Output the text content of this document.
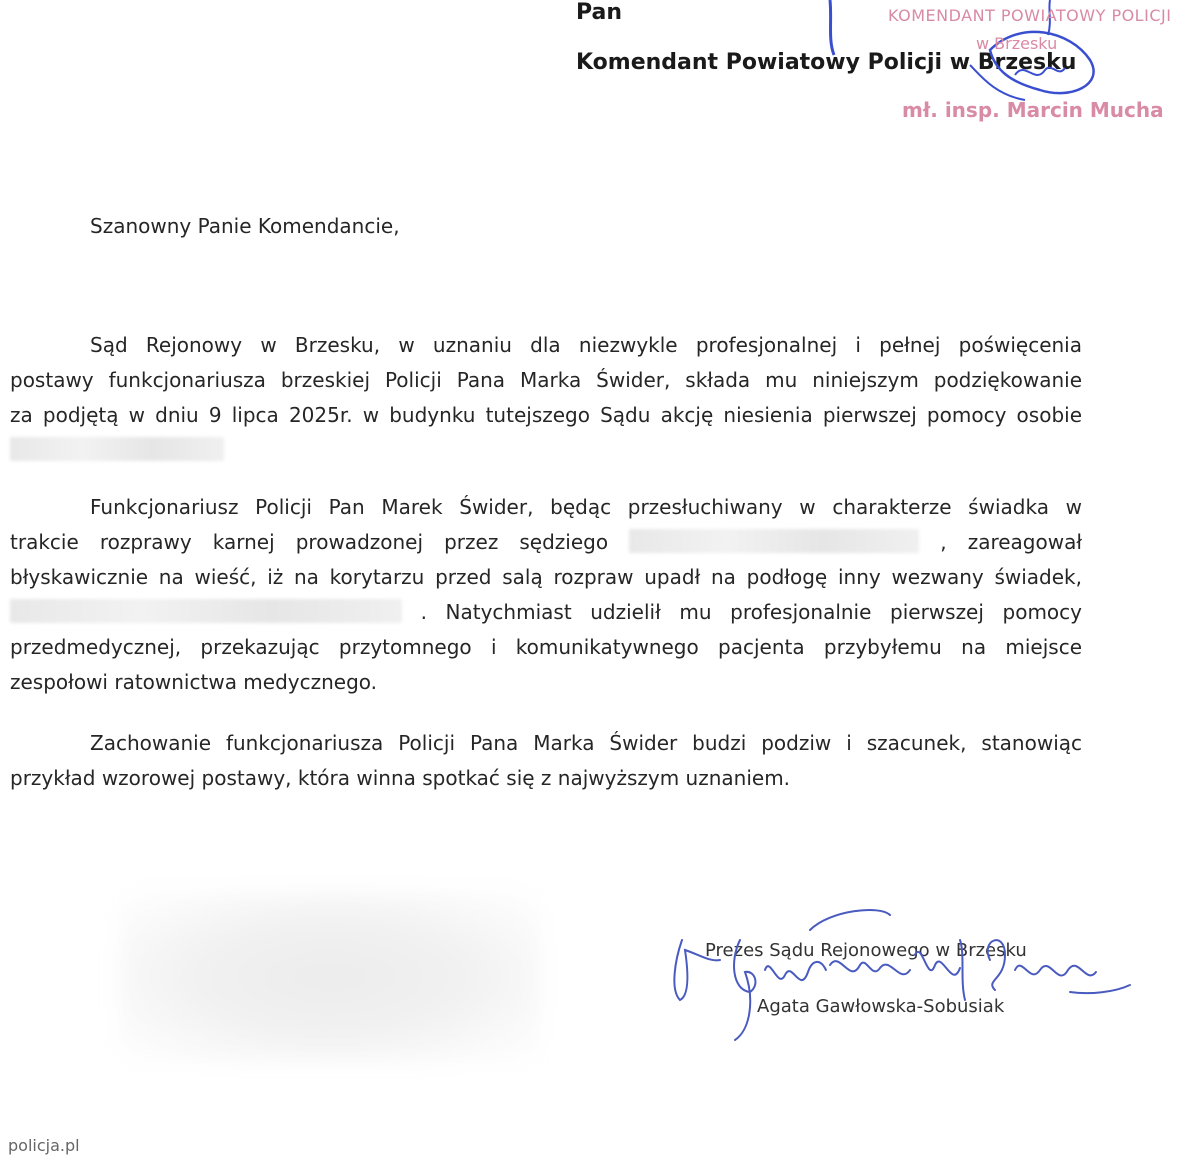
Pan
Komendant Powiatowy Policji w Brzesku
KOMENDANT POWIATOWY POLICJI
w Brzesku
mł. insp. Marcin Mucha
Szanowny Panie Komendancie,
Sąd Rejonowy w Brzesku, w uznaniu dla niezwykle profesjonalnej i pełnej poświęcenia
postawy funkcjonariusza brzeskiej Policji Pana Marka Świder, składa mu niniejszym podziękowanie
za podjętą w dniu 9 lipca 2025r. w budynku tutejszego Sądu akcję niesienia pierwszej pomocy osobie
Funkcjonariusz Policji Pan Marek Świder, będąc przesłuchiwany w charakterze świadka w
trakcie rozprawy karnej prowadzonej przez sędziego	, zareagował
błyskawicznie na wieść, iż na korytarzu przed salą rozpraw upadł na podłogę inny wezwany świadek,
. Natychmiast udzielił mu profesjonalnie pierwszej pomocy
przedmedycznej, przekazując przytomnego i komunikatywnego pacjenta przybyłemu na miejsce
zespołowi ratownictwa medycznego.
Zachowanie funkcjonariusza Policji Pana Marka Świder budzi podziw i szacunek, stanowiąc
przykład wzorowej postawy, która winna spotkać się z najwyższym uznaniem.
Prezes Sądu Rejonowego w Brzesku
Agata Gawłowska-Sobusiak
policja.pl
